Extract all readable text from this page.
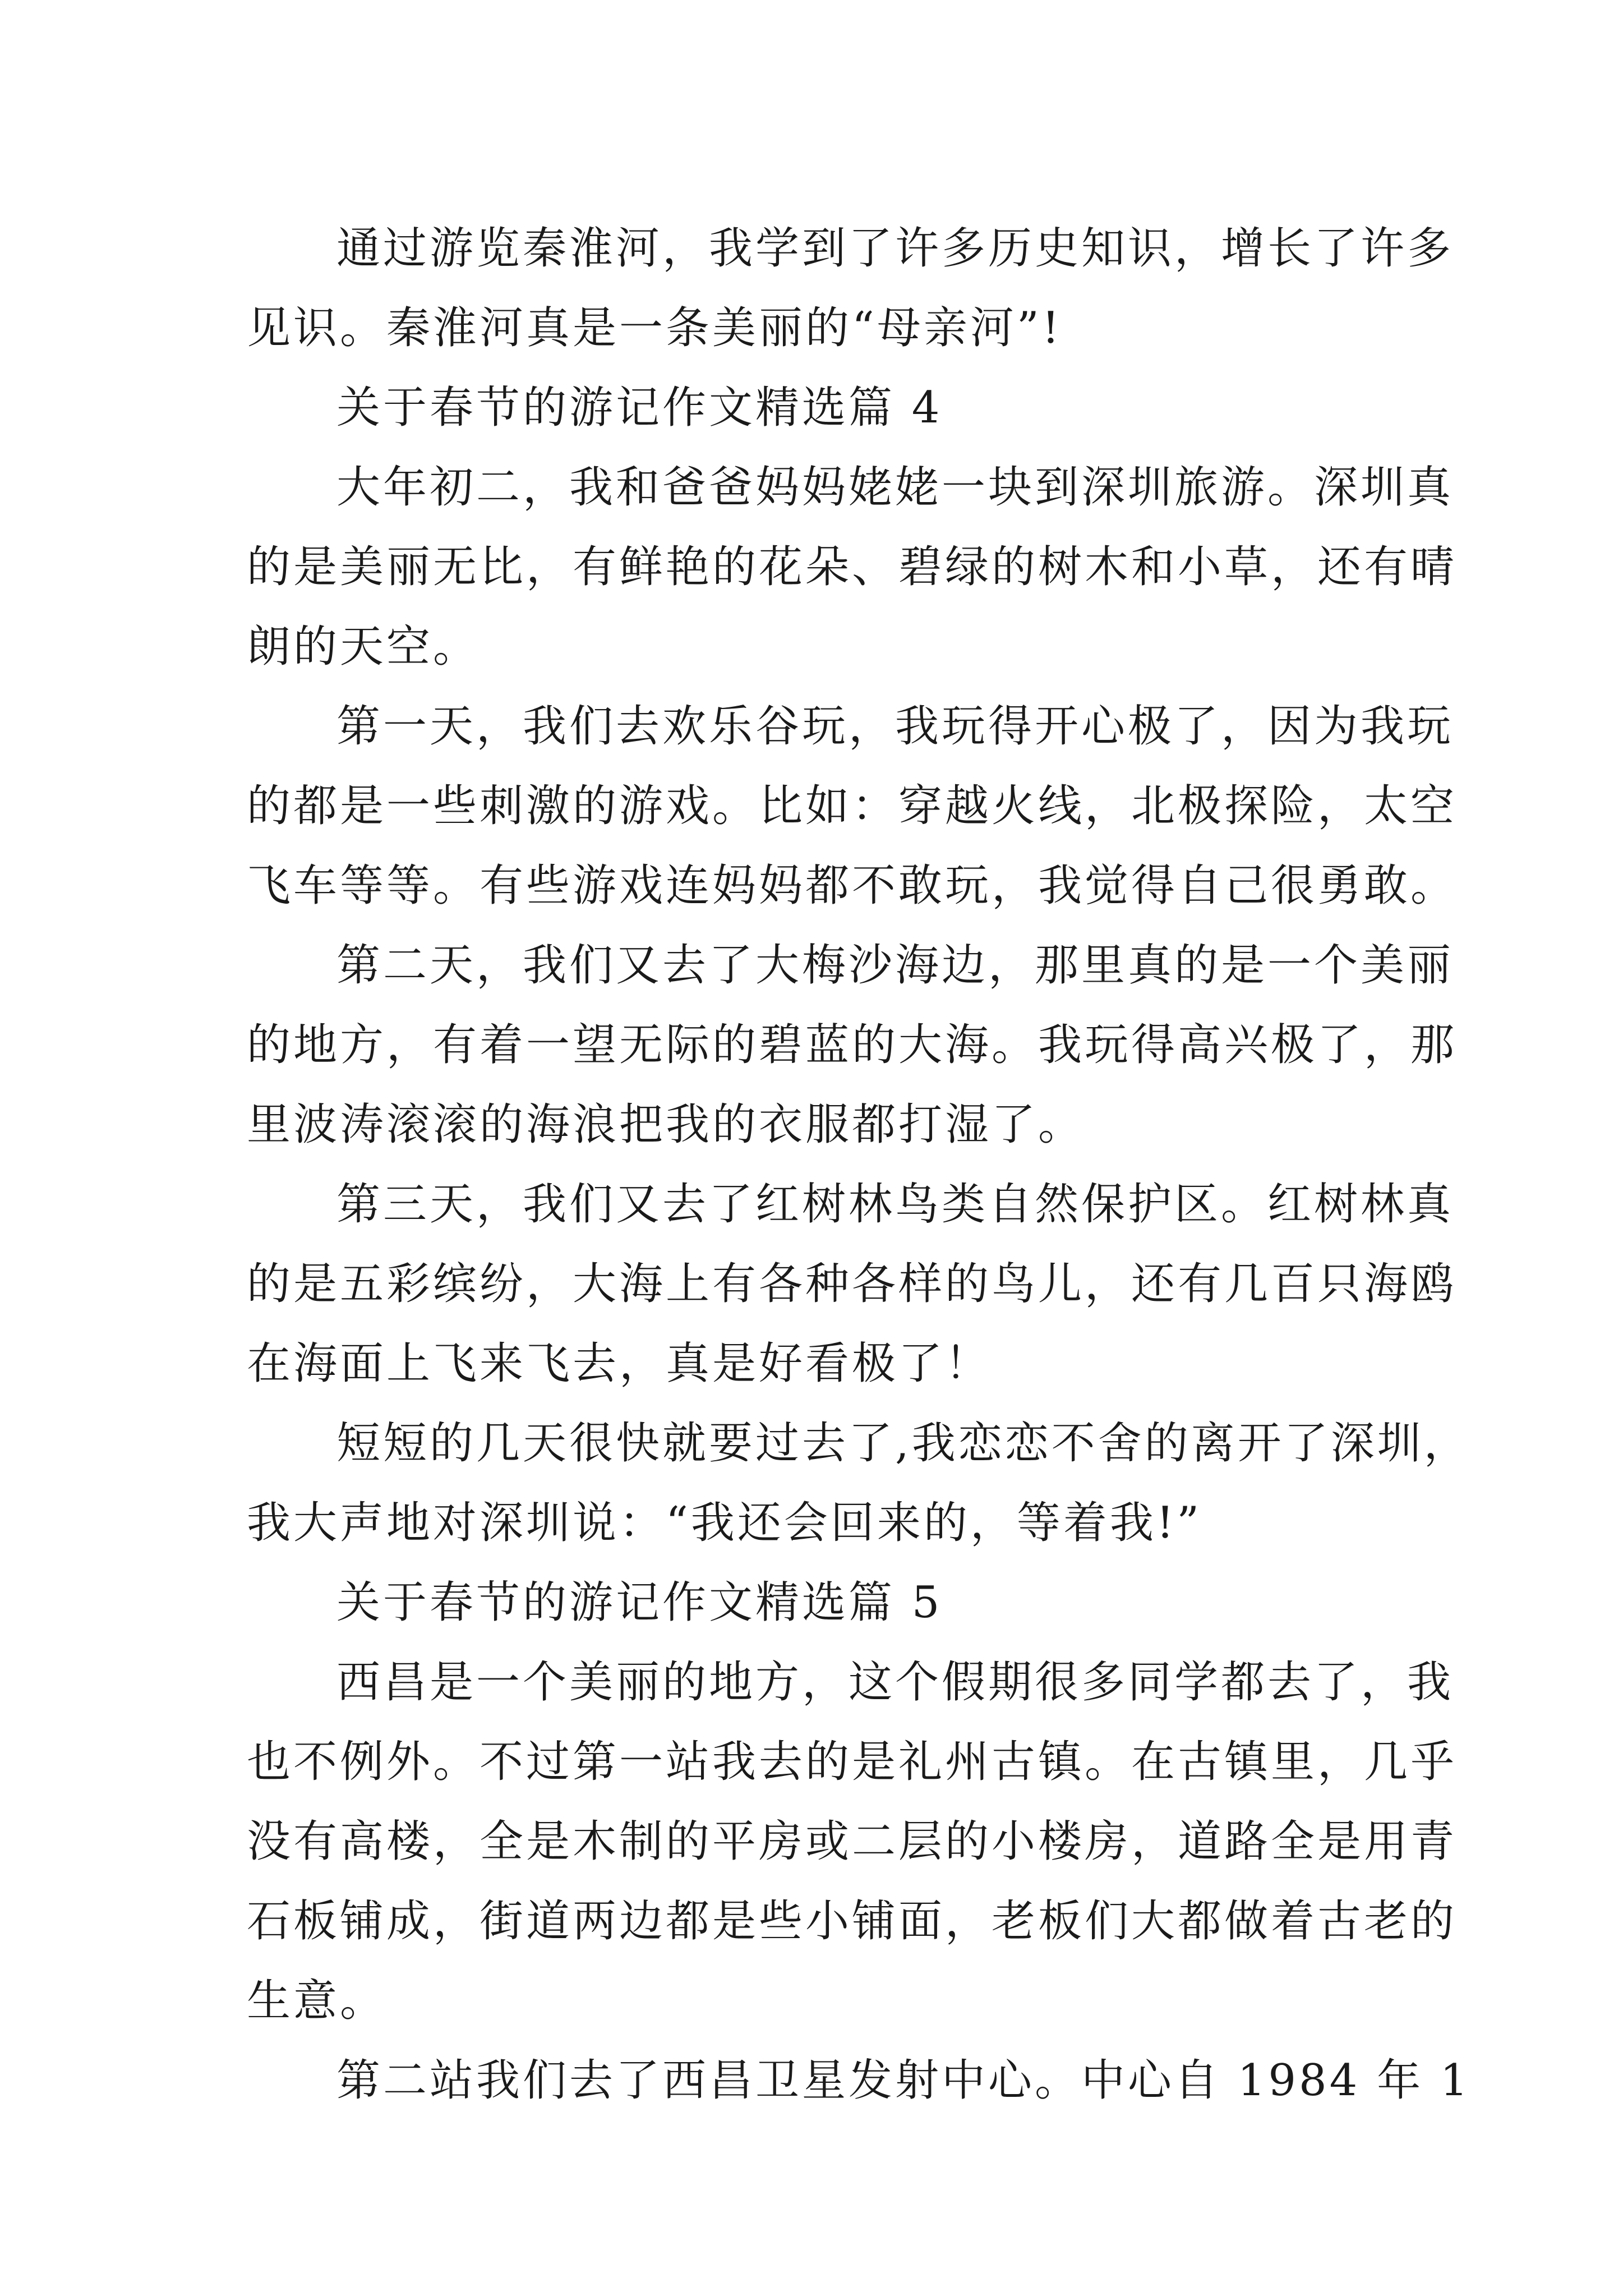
通过游览秦淮河，我学到了许多历史知识，增长了许多
见识。秦淮河真是一条美丽的“母亲河”!
关于春节的游记作文精选篇 4
大年初二，我和爸爸妈妈姥姥一块到深圳旅游。深圳真
的是美丽无比，有鲜艳的花朵、碧绿的树木和小草，还有晴
朗的天空。
第一天，我们去欢乐谷玩，我玩得开心极了，因为我玩
的都是一些刺激的游戏。比如：穿越火线，北极探险，太空
飞车等等。有些游戏连妈妈都不敢玩，我觉得自己很勇敢。
第二天，我们又去了大梅沙海边，那里真的是一个美丽
的地方，有着一望无际的碧蓝的大海。我玩得高兴极了，那
里波涛滚滚的海浪把我的衣服都打湿了。
第三天，我们又去了红树林鸟类自然保护区。红树林真
的是五彩缤纷，大海上有各种各样的鸟儿，还有几百只海鸥
在海面上飞来飞去，真是好看极了！
短短的几天很快就要过去了,我恋恋不舍的离开了深圳，
我大声地对深圳说：“我还会回来的，等着我!”
关于春节的游记作文精选篇 5
西昌是一个美丽的地方，这个假期很多同学都去了，我
也不例外。不过第一站我去的是礼州古镇。在古镇里，几乎
没有高楼，全是木制的平房或二层的小楼房，道路全是用青
石板铺成，街道两边都是些小铺面，老板们大都做着古老的
生意。
第二站我们去了西昌卫星发射中心。中心自 1984 年 1
